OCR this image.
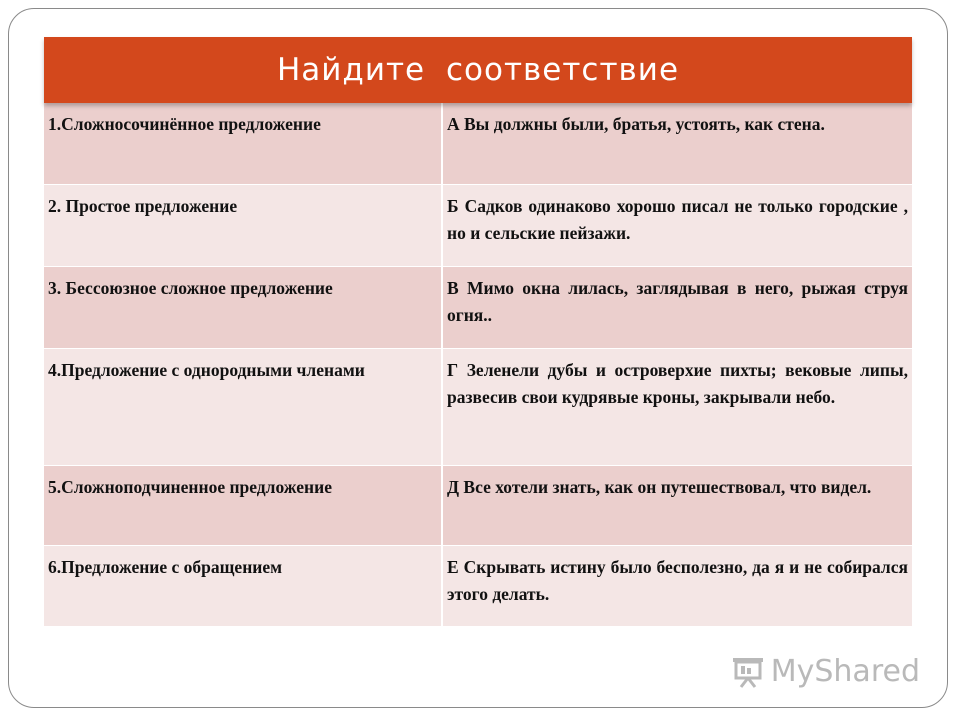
Найдите соответствие
1.Сложносочинённое предложение	А Вы должны были, братья, устоять, как стена.
2. Простое предложение	Б Садков одинаково хорошо писал не только городские , но и сельские пейзажи.
3. Бессоюзное сложное предложение	В Мимо окна лилась, заглядывая в него, рыжая струя огня..
4.Предложение с однородными членами	Г Зеленели дубы и островерхие пихты; вековые липы, развесив свои кудрявые кроны, закрывали небо.
5.Сложноподчиненное предложение	Д Все хотели знать, как он путешествовал, что видел.
6.Предложение с обращением	Е Скрывать истину было бесполезно, да я и не собирался этого делать.
MyShared
